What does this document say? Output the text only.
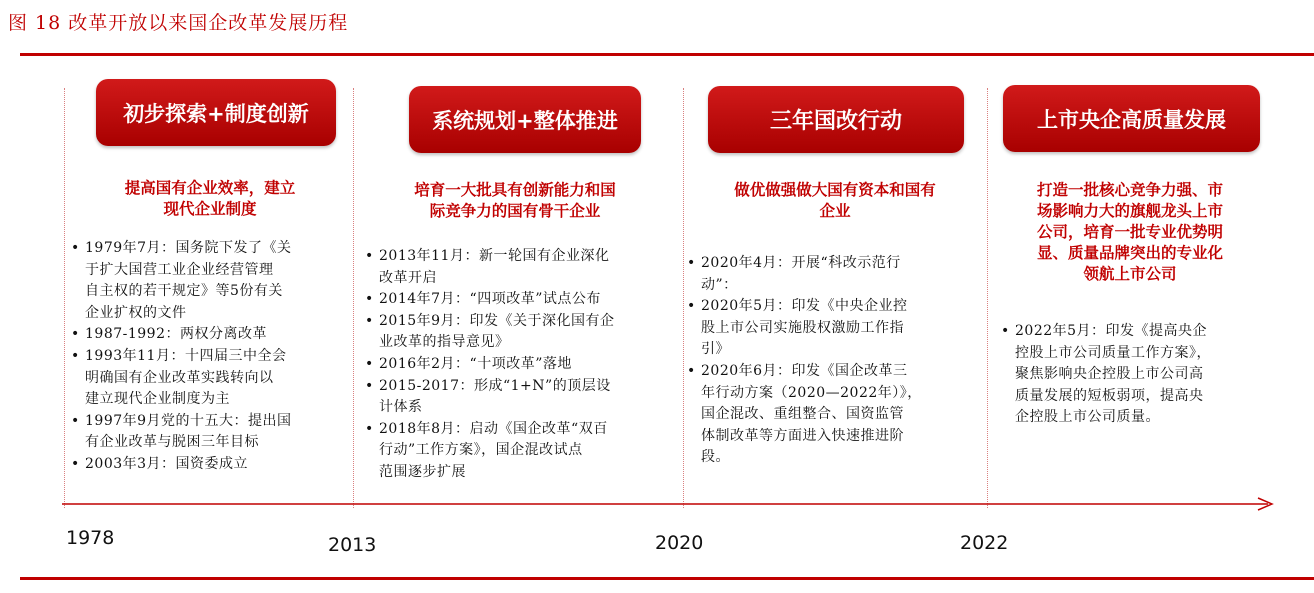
图 18 改革开放以来国企改革发展历程
初步探索+制度创新
提高国有企业效率，建立
现代企业制度
• 1979年7月：国务院下发了《关
于扩大国营工业企业经营管理
自主权的若干规定》等5份有关
企业扩权的文件
• 1987-1992：两权分离改革
• 1993年11月：十四届三中全会
明确国有企业改革实践转向以
建立现代企业制度为主
• 1997年9月党的十五大：提出国
有企业改革与脱困三年目标
• 2003年3月：国资委成立
系统规划+整体推进
培育一大批具有创新能力和国
际竞争力的国有骨干企业
• 2013年11月：新一轮国有企业深化
改革开启
• 2014年7月：“四项改革”试点公布
• 2015年9月：印发《关于深化国有企
业改革的指导意见》
• 2016年2月：“十项改革”落地
• 2015-2017：形成“1+N”的顶层设
计体系
• 2018年8月：启动《国企改革“双百
行动”工作方案》，国企混改试点
范围逐步扩展
三年国改行动
做优做强做大国有资本和国有
企业
• 2020年4月：开展“科改示范行
动”：
• 2020年5月：印发《中央企业控
股上市公司实施股权激励工作指
引》
• 2020年6月：印发《国企改革三
年行动方案（2020—2022年）》，
国企混改、重组整合、国资监管
体制改革等方面进入快速推进阶
段。
上市央企高质量发展
打造一批核心竞争力强、市
场影响力大的旗舰龙头上市
公司，培育一批专业优势明
显、质量品牌突出的专业化
领航上市公司
• 2022年5月：印发《提高央企
控股上市公司质量工作方案》，
聚焦影响央企控股上市公司高
质量发展的短板弱项，提高央
企控股上市公司质量。
1978	2013	2020	2022
